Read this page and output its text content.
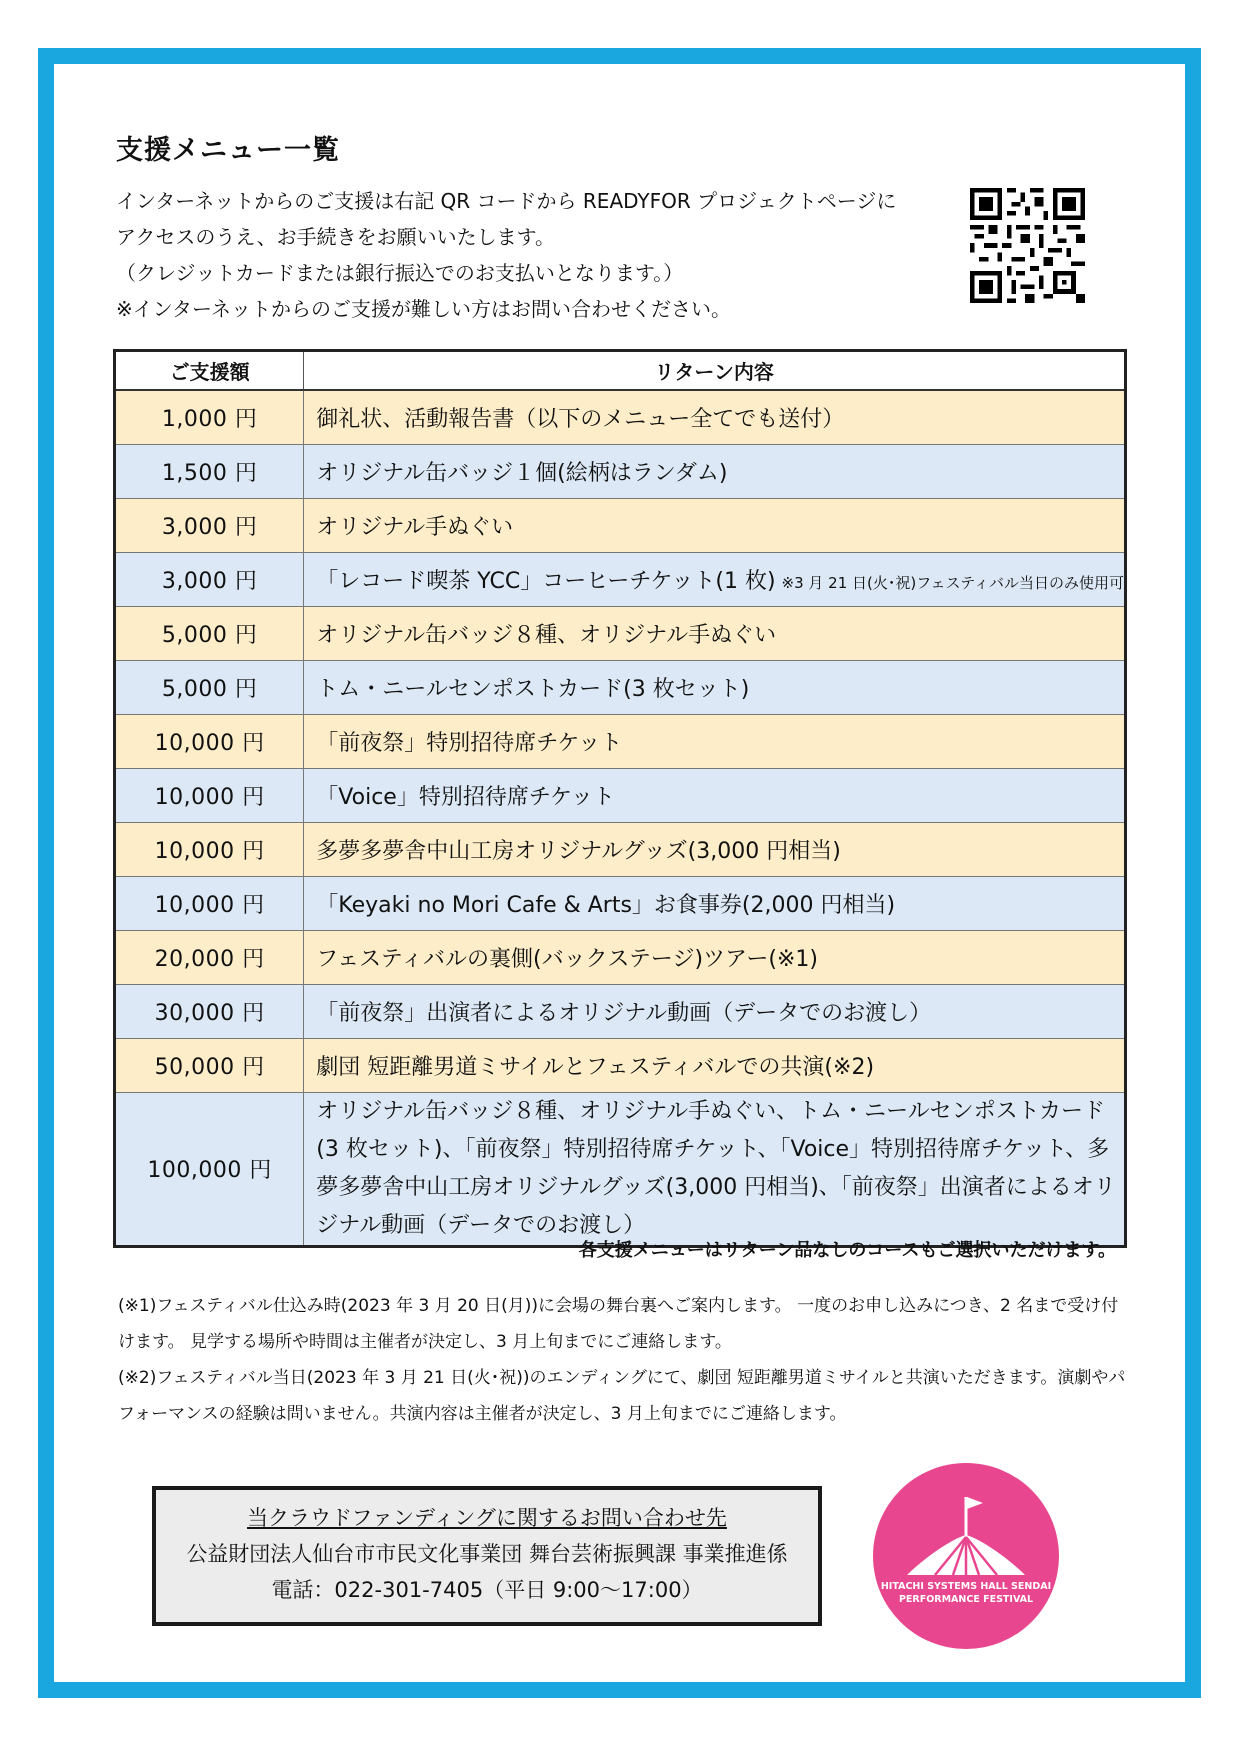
支援メニュー一覧
インターネットからのご支援は右記 QR コードから READYFOR プロジェクトページに
アクセスのうえ、お手続きをお願いいたします。
（クレジットカードまたは銀行振込でのお支払いとなります。）
※インターネットからのご支援が難しい方はお問い合わせください。
ご支援額	リターン内容
1,000 円	御礼状、活動報告書（以下のメニュー全てでも送付）
1,500 円	オリジナル缶バッジ１個(絵柄はランダム)
3,000 円	オリジナル手ぬぐい
3,000 円	「レコード喫茶 YCC」コーヒーチケット(1 枚) ※3 月 21 日(火･祝)フェスティバル当日のみ使用可
5,000 円	オリジナル缶バッジ８種、オリジナル手ぬぐい
5,000 円	トム・ニールセンポストカード(3 枚セット)
10,000 円	「前夜祭」特別招待席チケット
10,000 円	「Voice」特別招待席チケット
10,000 円	多夢多夢舎中山工房オリジナルグッズ(3,000 円相当)
10,000 円	「Keyaki no Mori Cafe & Arts」お食事券(2,000 円相当)
20,000 円	フェスティバルの裏側(バックステージ)ツアー(※1)
30,000 円	「前夜祭」出演者によるオリジナル動画（データでのお渡し）
50,000 円	劇団 短距離男道ミサイルとフェスティバルでの共演(※2)
100,000 円	オリジナル缶バッジ８種、オリジナル手ぬぐい、トム・ニールセンポストカード(3 枚セット)、「前夜祭」特別招待席チケット、「Voice」特別招待席チケット、多夢多夢舎中山工房オリジナルグッズ(3,000 円相当)、「前夜祭」出演者によるオリジナル動画（データでのお渡し）
各支援メニューはリターン品なしのコースもご選択いただけます。
(※1)フェスティバル仕込み時(2023 年 3 月 20 日(月))に会場の舞台裏へご案内します。 一度のお申し込みにつき、2 名まで受け付けます。 見学する場所や時間は主催者が決定し、3 月上旬までにご連絡します。
(※2)フェスティバル当日(2023 年 3 月 21 日(火･祝))のエンディングにて、劇団 短距離男道ミサイルと共演いただきます。演劇やパフォーマンスの経験は問いません。共演内容は主催者が決定し、3 月上旬までにご連絡します。
当クラウドファンディングに関するお問い合わせ先
公益財団法人仙台市市民文化事業団 舞台芸術振興課 事業推進係
電話：022-301-7405（平日 9:00～17:00）	HITACHI SYSTEMS HALL SENDAI
PERFORMANCE FESTIVAL
